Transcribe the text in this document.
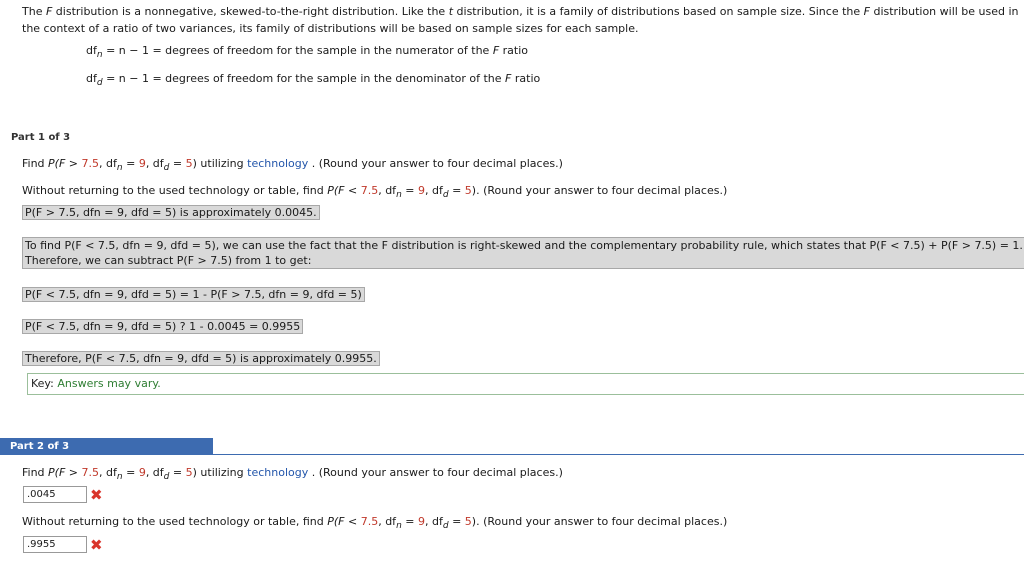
The F distribution is a nonnegative, skewed-to-the-right distribution. Like the t distribution, it is a family of distributions based on sample size. Since the F distribution will be used in the context of a ratio of two variances, its family of distributions will be based on sample sizes for each sample.
$df_n = n - 1$ = degrees of freedom for the sample in the numerator of the F ratio
$df_d = n - 1$ = degrees of freedom for the sample in the denominator of the F ratio
Part 1 of 3
Find P(F > 7.5, $df_n = 9$, $df_d = 5$) utilizing technology . (Round your answer to four decimal places.)
Without returning to the used technology or table, find P(F < 7.5, $df_n = 9$, $df_d = 5$). (Round your answer to four decimal places.)
P(F > 7.5, dfn = 9, dfd = 5) is approximately 0.0045.
To find P(F < 7.5, dfn = 9, dfd = 5), we can use the fact that the F distribution is right-skewed and the complementary probability rule, which states that P(F < 7.5) + P(F > 7.5) = 1.
Therefore, we can subtract P(F > 7.5) from 1 to get:
P(F < 7.5, dfn = 9, dfd = 5) = 1 - P(F > 7.5, dfn = 9, dfd = 5)
P(F < 7.5, dfn = 9, dfd = 5) ? 1 - 0.0045 = 0.9955
Therefore, P(F < 7.5, dfn = 9, dfd = 5) is approximately 0.9955.
Key: Answers may vary.
Part 2 of 3
Find P(F > 7.5, $df_n = 9$, $df_d = 5$) utilizing technology . (Round your answer to four decimal places.)
.0045	✖
Without returning to the used technology or table, find P(F < 7.5, $df_n = 9$, $df_d = 5$). (Round your answer to four decimal places.)
.9955	✖
